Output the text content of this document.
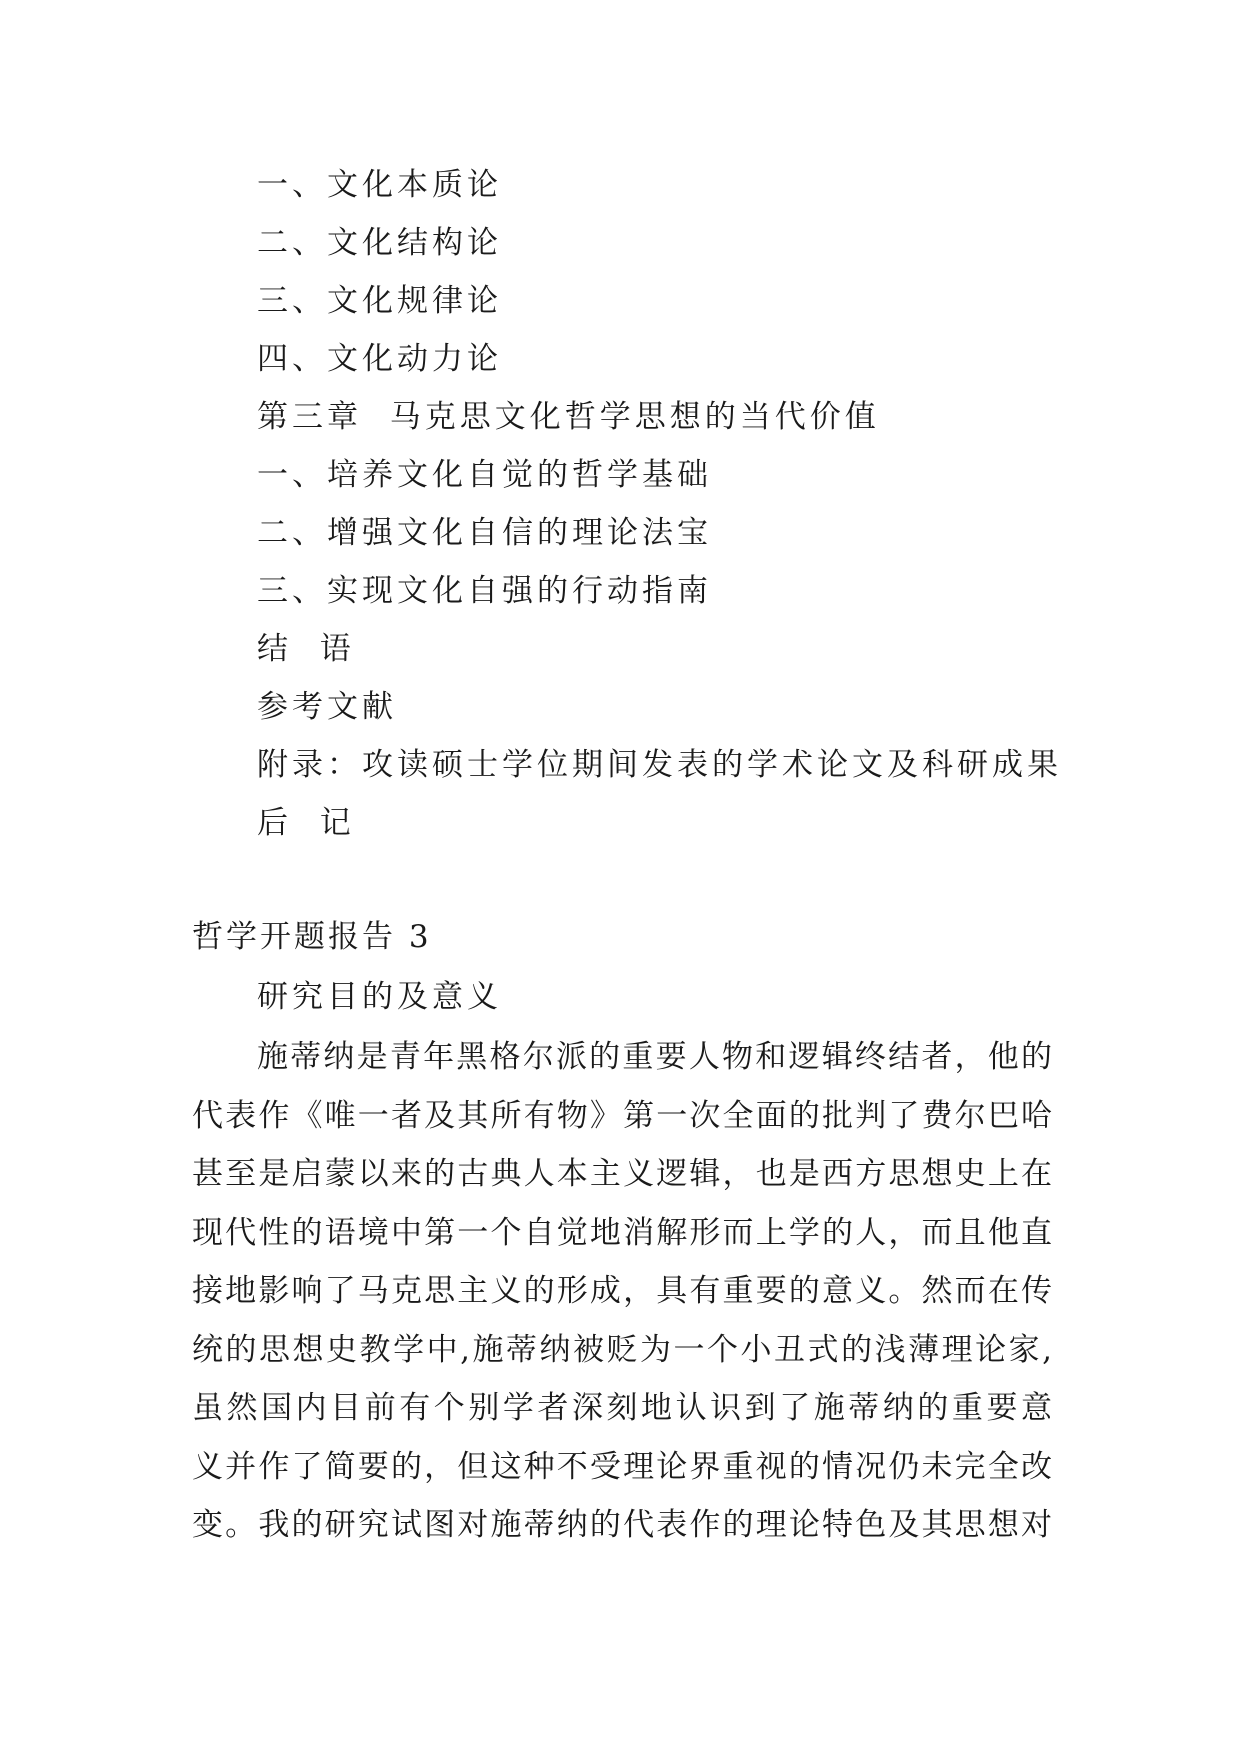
一、文化本质论
二、文化结构论
三、文化规律论
四、文化动力论
第三章  马克思文化哲学思想的当代价值
一、培养文化自觉的哲学基础
二、增强文化自信的理论法宝
三、实现文化自强的行动指南
结  语
参考文献
附录：攻读硕士学位期间发表的学术论文及科研成果
后  记
哲学开题报告 3
研究目的及意义
施蒂纳是青年黑格尔派的重要人物和逻辑终结者，他的
代表作《唯一者及其所有物》第一次全面的批判了费尔巴哈
甚至是启蒙以来的古典人本主义逻辑，也是西方思想史上在
现代性的语境中第一个自觉地消解形而上学的人，而且他直
接地影响了马克思主义的形成，具有重要的意义。然而在传
统的思想史教学中,施蒂纳被贬为一个小丑式的浅薄理论家,
虽然国内目前有个别学者深刻地认识到了施蒂纳的重要意
义并作了简要的，但这种不受理论界重视的情况仍未完全改
变。我的研究试图对施蒂纳的代表作的理论特色及其思想对
